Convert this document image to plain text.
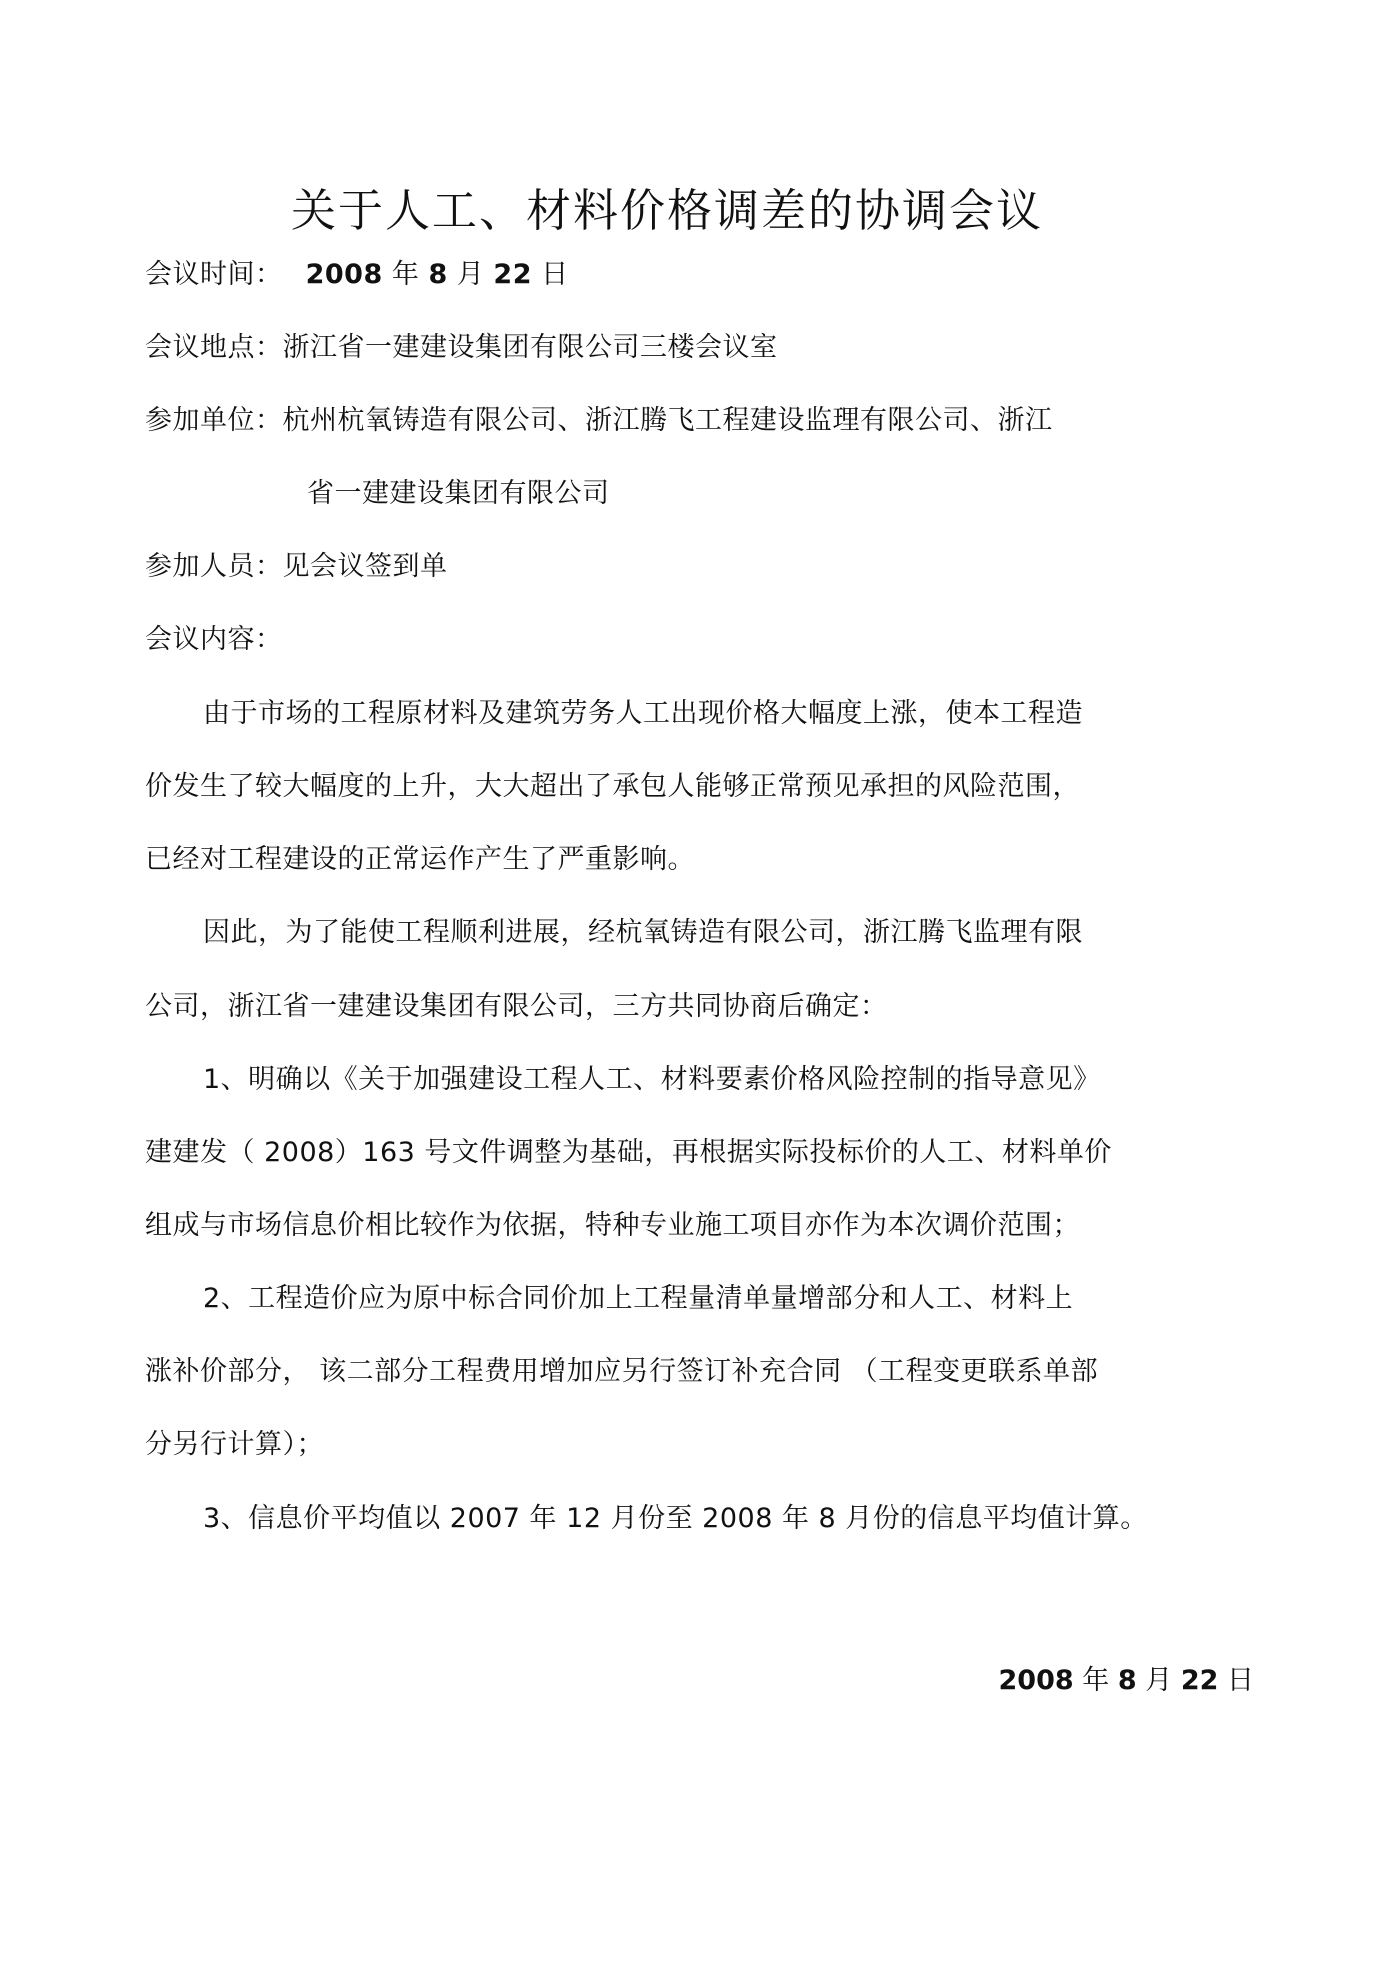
关于人工、材料价格调差的协调会议
会议时间： 2008 年 8 月 22 日
会议地点：浙江省一建建设集团有限公司三楼会议室
参加单位：杭州杭氧铸造有限公司、浙江腾飞工程建设监理有限公司、浙江
省一建建设集团有限公司
参加人员：见会议签到单
会议内容：
由于市场的工程原材料及建筑劳务人工出现价格大幅度上涨，使本工程造
价发生了较大幅度的上升，大大超出了承包人能够正常预见承担的风险范围，
已经对工程建设的正常运作产生了严重影响。
因此，为了能使工程顺利进展，经杭氧铸造有限公司，浙江腾飞监理有限
公司，浙江省一建建设集团有限公司，三方共同协商后确定：
1、明确以《关于加强建设工程人工、材料要素价格风险控制的指导意见》
建建发（ 2008）163 号文件调整为基础，再根据实际投标价的人工、材料单价
组成与市场信息价相比较作为依据，特种专业施工项目亦作为本次调价范围；
2、工程造价应为原中标合同价加上工程量清单量增部分和人工、材料上
涨补价部分， 该二部分工程费用增加应另行签订补充合同 （工程变更联系单部
分另行计算）；
3、信息价平均值以 2007 年 12 月份至 2008 年 8 月份的信息平均值计算。
2008 年 8 月 22 日
